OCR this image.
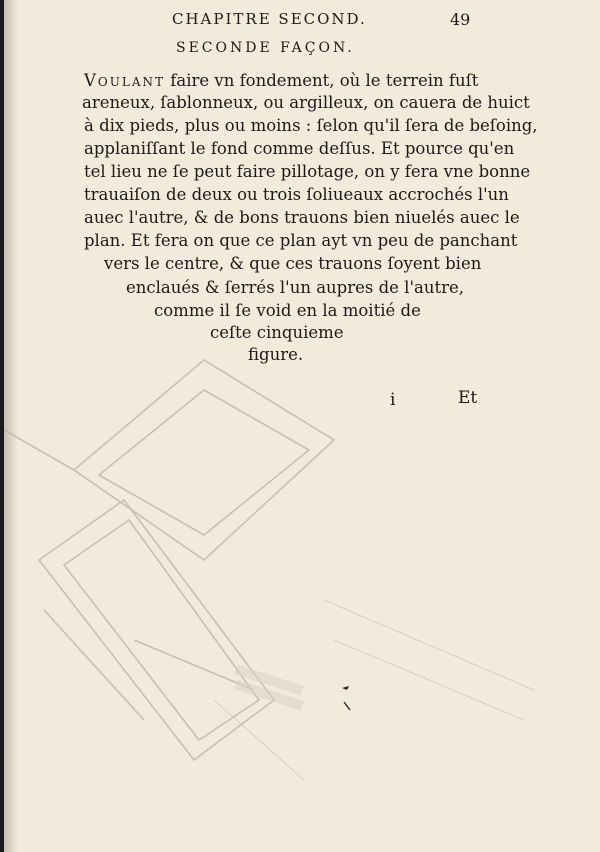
CHAPITRE SECOND.	49
SECONDE FAÇON.
Voulant faire vn fondement, où le terrein fuſt
areneux, ſablonneux, ou argilleux, on cauera de huict
à dix pieds, plus ou moins : ſelon qu'il ſera de beſoing,
applaniſſant le fond comme deſſus. Et pource qu'en
tel lieu ne ſe peut faire pillotage, on y fera vne bonne
trauaiſon de deux ou trois ſoliueaux accrochés l'un
auec l'autre, & de bons trauons bien niuelés auec le
plan. Et fera on que ce plan ayt vn peu de panchant
vers le centre, & que ces trauons ſoyent bien
enclaués & ſerrés l'un aupres de l'autre,
comme il ſe void en la moitié de
ceſte cinquieme
figure.
i	Et
